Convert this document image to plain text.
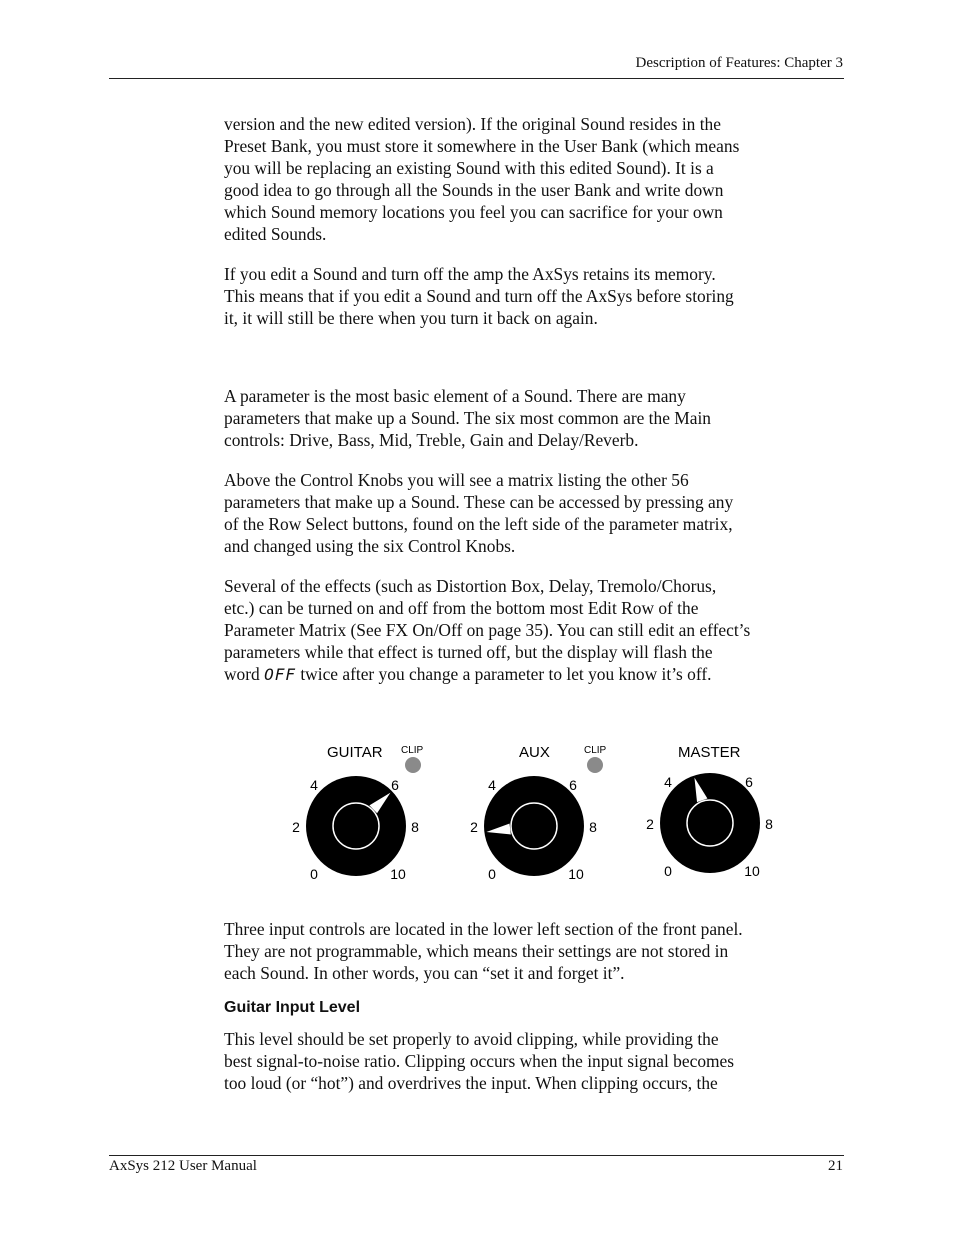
Description of Features: Chapter 3
version and the new edited version). If the original Sound resides in the
Preset Bank, you must store it somewhere in the User Bank (which means
you will be replacing an existing Sound with this edited Sound). It is a
good idea to go through all the Sounds in the user Bank and write down
which Sound memory locations you feel you can sacrifice for your own
edited Sounds.
If you edit a Sound and turn off the amp the AxSys retains its memory.
This means that if you edit a Sound and turn off the AxSys before storing
it, it will still be there when you turn it back on again.
A parameter is the most basic element of a Sound. There are many
parameters that make up a Sound. The six most common are the Main
controls: Drive, Bass, Mid, Treble, Gain and Delay/Reverb.
Above the Control Knobs you will see a matrix listing the other 56
parameters that make up a Sound. These can be accessed by pressing any
of the Row Select buttons, found on the left side of the parameter matrix,
and changed using the six Control Knobs.
Several of the effects (such as Distortion Box, Delay, Tremolo/Chorus,
etc.) can be turned on and off from the bottom most Edit Row of the
Parameter Matrix (See FX On/Off on page 35). You can still edit an effect’s
parameters while that effect is turned off, but the display will flash the
word OFF twice after you change a parameter to let you know it’s off.
GUITAR CLIP
0
2
4	6
8
10
AUX	CLIP
0
2
4	6
8
10
MASTER
0
2
4	6
8
10
Three input controls are located in the lower left section of the front panel.
They are not programmable, which means their settings are not stored in
each Sound. In other words, you can “set it and forget it”.
Guitar Input Level
This level should be set properly to avoid clipping, while providing the
best signal-to-noise ratio. Clipping occurs when the input signal becomes
too loud (or “hot”) and overdrives the input. When clipping occurs, the
AxSys 212 User Manual	21
